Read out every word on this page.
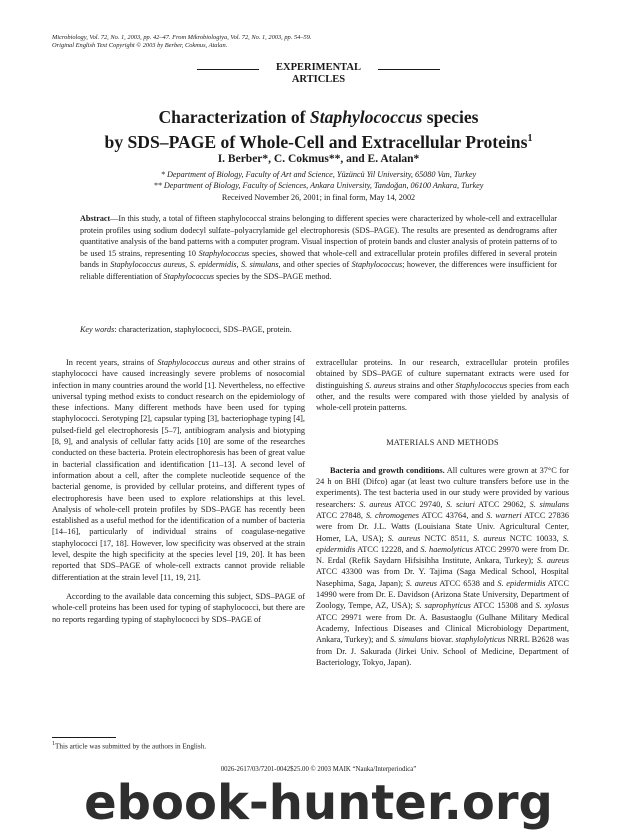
Microbiology, Vol. 72, No. 1, 2003, pp. 42–47. From Mikrobiologiya, Vol. 72, No. 1, 2003, pp. 54–59.
Original English Text Copyright © 2003 by Berber, Cokmus, Atalan.
EXPERIMENTAL
ARTICLES
Characterization of Staphylococcus species
by SDS–PAGE of Whole-Cell and Extracellular Proteins$^1$
I. Berber*, C. Cokmus**, and E. Atalan*
* Department of Biology, Faculty of Art and Science, Yüzüncü Yil University, 65080 Van, Turkey
** Department of Biology, Faculty of Sciences, Ankara University, Tandoğan, 06100 Ankara, Turkey
Received November 26, 2001; in final form, May 14, 2002
Abstract—In this study, a total of fifteen staphylococcal strains belonging to different species were characterized by whole-cell and extracellular protein profiles using sodium dodecyl sulfate–polyacrylamide gel electrophoresis (SDS–PAGE). The results are presented as dendrograms after quantitative analysis of the band patterns with a computer program. Visual inspection of protein bands and cluster analysis of protein patterns of to be used 15 strains, representing 10 Staphylococcus species, showed that whole-cell and extracellular protein profiles differed in several protein bands in Staphylococcus aureus, S. epidermidis, S. simulans, and other species of Staphylococcus; however, the differences were insufficient for reliable differentiation of Staphylococcus species by the SDS–PAGE method.
Key words: characterization, staphylococci, SDS–PAGE, protein.

In recent years, strains of Staphylococcus aureus and other strains of staphylococci have caused increasingly severe problems of nosocomial infection in many countries around the world [1]. Nevertheless, no effective universal typing method exists to conduct research on the epidemiology of these infections. Many different methods have been used for typing staphylococci. Serotyping [2], capsular typing [3], bacteriophage typing [4], pulsed-field gel electrophoresis [5–7], antibiogram analysis and biotyping [8, 9], and analysis of cellular fatty acids [10] are some of the researches conducted on these bacteria. Protein electrophoresis has been of great value in bacterial classification and identification [11–13]. A second level of information about a cell, after the complete nucleotide sequence of the bacterial genome, is provided by cellular proteins, and different types of electrophoresis have been used to explore relationships at this level. Analysis of whole-cell protein profiles by SDS–PAGE has recently been established as a useful method for the identification of a number of bacteria [14–16], particularly of individual strains of coagulase-negative staphylococci [17, 18]. However, low specificity was observed at the strain level, despite the high specificity at the species level [19, 20]. It has been reported that SDS–PAGE of whole-cell extracts cannot provide reliable differentiation at the strain level [11, 19, 21].

According to the available data concerning this subject, SDS–PAGE of whole-cell proteins has been used for typing of staphylococci, but there are no reports regarding typing of staphylococci by SDS–PAGE of

extracellular proteins. In our research, extracellular protein profiles obtained by SDS–PAGE of culture supernatant extracts were used for distinguishing S. aureus strains and other Staphylococcus species from each other, and the results were compared with those yielded by analysis of whole-cell protein patterns.

MATERIALS AND METHODS

Bacteria and growth conditions. All cultures were grown at 37°C for 24 h on BHI (Difco) agar (at least two culture transfers before use in the experiments). The test bacteria used in our study were provided by various researchers: S. aureus ATCC 29740, S. sciuri ATCC 29062, S. simulans ATCC 27848, S. chromogenes ATCC 43764, and S. warneri ATCC 27836 were from Dr. J.L. Watts (Louisiana State Univ. Agricultural Center, Homer, LA, USA); S. aureus NCTC 8511, S. aureus NCTC 10033, S. epidermidis ATCC 12228, and S. haemolyticus ATCC 29970 were from Dr. N. Erdal (Refik Saydarn Hifsisihha Institute, Ankara, Turkey); S. aureus ATCC 43300 was from Dr. Y. Tajima (Saga Medical School, Hospital Nasephima, Saga, Japan); S. aureus ATCC 6538 and S. epidermidis ATCC 14990 were from Dr. E. Davidson (Arizona State University, Department of Zoology, Tempe, AZ, USA); S. saprophyticus ATCC 15308 and S. xylosus ATCC 29971 were from Dr. A. Basustaoglu (Gulhane Military Medical Academy, Infectious Diseases and Clinical Microbiology Department, Ankara, Turkey); and S. simulans biovar. staphylolyticus NRRL B2628 was from Dr. J. Sakurada (Jirkei Univ. School of Medicine, Department of Bacteriology, Tokyo, Japan).

$^1$This article was submitted by the authors in English.
0026-2617/03/7201-0042$25.00 © 2003 MAIK “Nauka/Interperiodica”
ebook-hunter.org
